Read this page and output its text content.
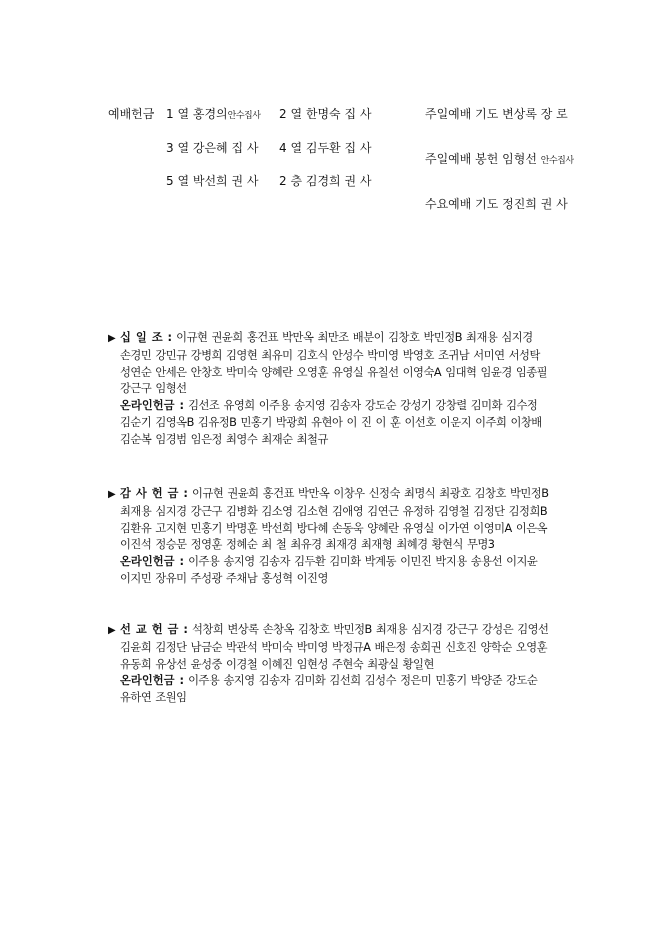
예배헌금 1 열 홍경의안수집사 2 열 한명숙 집 사
3 열 강은혜 집 사 4 열 김두환 집 사
5 열 박선희 권 사 2 층 김경희 권 사
주일예배 기도 변상록 장 로
주일예배 봉헌 임형선 안수집사
수요예배 기도 정진희 권 사
▶ 십 일 조 : 이규현 권윤희 홍건표 박만옥 최만조 배분이 김창호 박민정B 최재용 심지경
손경민 강민규 강병희 김영현 최유미 김호식 안성수 박미영 박영호 조귀남 서미연 서성탁
성연순 안세은 안창호 박미숙 양혜란 오영훈 유영실 유칠선 이영숙A 임대혁 임윤경 임종필
강근구 임형선
온라인헌금 : 김선조 유영희 이주용 송지영 김송자 강도순 강성기 강창렬 김미화 김수정
김순기 김영옥B 김유정B 민홍기 박광희 유현아 이 진 이 훈 이선호 이운지 이주희 이창배
김순복 임경범 임은정 최영수 최재순 최철규
▶ 감 사 헌 금 : 이규현 권윤희 홍건표 박만옥 이창우 신정숙 최명식 최광호 김창호 박민정B
최재용 심지경 강근구 김병화 김소영 김소현 김애영 김연근 유정하 김영철 김정단 김정희B
김환유 고지현 민홍기 박명훈 박선희 방다혜 손동욱 양혜란 유영실 이가연 이영미A 이은옥
이진석 정승문 정영훈 정혜순 최 철 최유경 최재경 최재형 최혜경 황현식 무명3
온라인헌금 : 이주용 송지영 김송자 김두환 김미화 박계동 이민진 박지용 송용선 이지윤
이지민 장유미 주성광 주채남 홍성혁 이진영
▶ 선 교 헌 금 : 석창희 변상록 손창옥 김창호 박민정B 최재용 심지경 강근구 강성은 김영선
김윤희 김정단 남금순 박관석 박미숙 박미영 박정규A 배은정 송희권 신호진 양학순 오영훈
유동희 유상선 윤성중 이경철 이혜진 임현성 주현숙 최광실 황일현
온라인헌금 : 이주용 송지영 김송자 김미화 김선희 김성수 정은미 민홍기 박양준 강도순
유하연 조원임
